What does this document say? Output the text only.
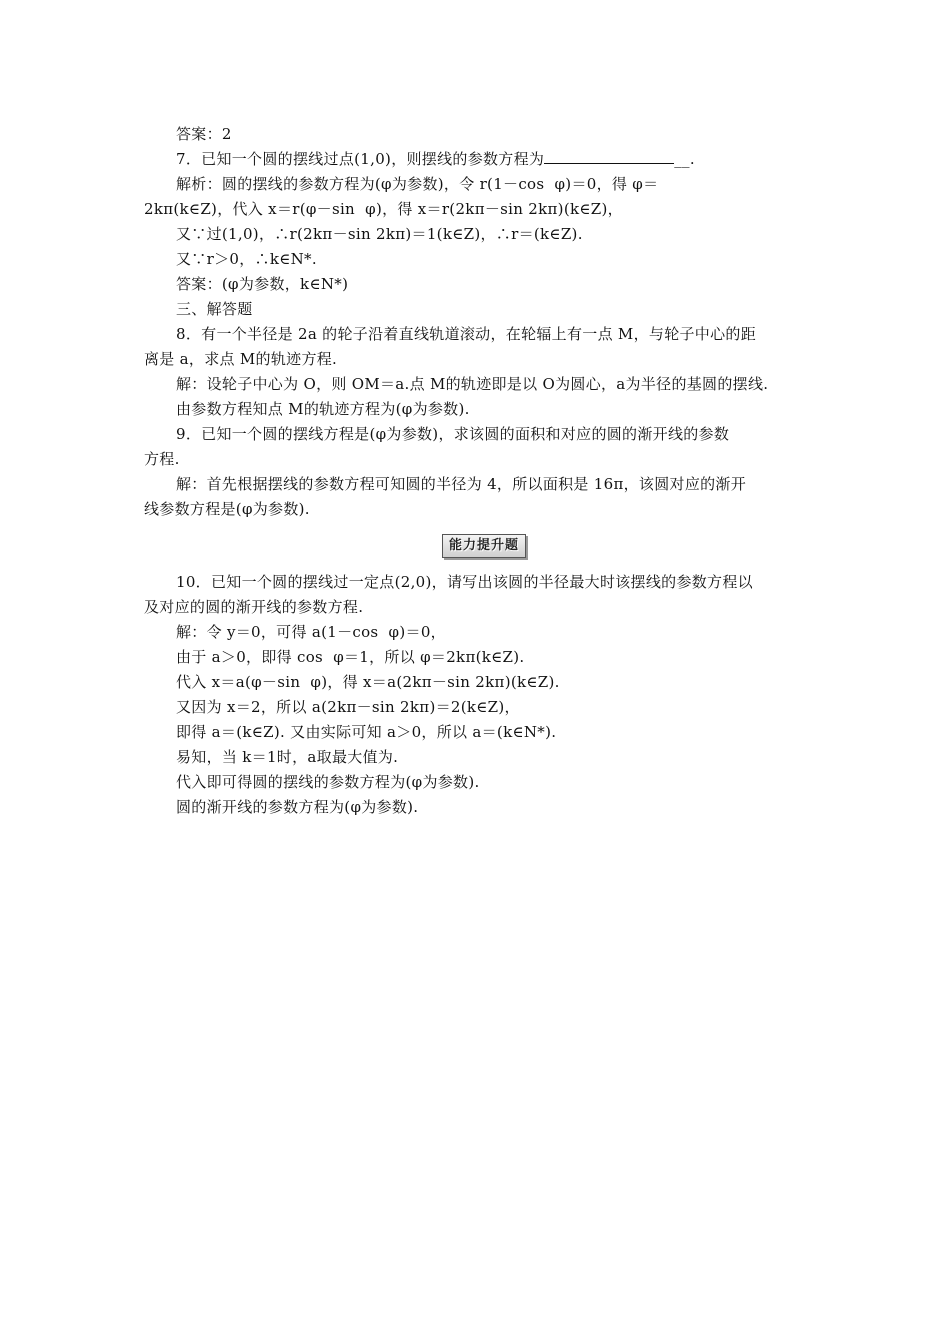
答案：2
7．已知一个圆的摆线过点(1,0)，则摆线的参数方程为	__.
解析：圆的摆线的参数方程为(φ为参数)，令 r(1－cos  φ)＝0，得 φ＝
2kπ(k∈Z)，代入 x＝r(φ－sin  φ)，得 x＝r(2kπ－sin 2kπ)(k∈Z)，
又∵过(1,0)，∴r(2kπ－sin 2kπ)＝1(k∈Z)，∴r＝(k∈Z).
又∵r＞0，∴k∈N*.
答案：(φ为参数，k∈N*)
三、解答题
8．有一个半径是 2a 的轮子沿着直线轨道滚动，在轮辐上有一点 M，与轮子中心的距
离是 a，求点 M的轨迹方程.
解：设轮子中心为 O，则 OM＝a.点 M的轨迹即是以 O为圆心，a为半径的基圆的摆线.
由参数方程知点 M的轨迹方程为(φ为参数).
9．已知一个圆的摆线方程是(φ为参数)，求该圆的面积和对应的圆的渐开线的参数
方程.
解：首先根据摆线的参数方程可知圆的半径为 4，所以面积是 16π，该圆对应的渐开
线参数方程是(φ为参数).
能力提升题
10．已知一个圆的摆线过一定点(2,0)，请写出该圆的半径最大时该摆线的参数方程以
及对应的圆的渐开线的参数方程.
解：令 y＝0，可得 a(1－cos  φ)＝0，
由于 a＞0，即得 cos  φ＝1，所以 φ＝2kπ(k∈Z).
代入 x＝a(φ－sin  φ)，得 x＝a(2kπ－sin 2kπ)(k∈Z).
又因为 x＝2，所以 a(2kπ－sin 2kπ)＝2(k∈Z)，
即得 a＝(k∈Z). 又由实际可知 a＞0，所以 a＝(k∈N*).
易知，当 k＝1时，a取最大值为.
代入即可得圆的摆线的参数方程为(φ为参数).
圆的渐开线的参数方程为(φ为参数).
